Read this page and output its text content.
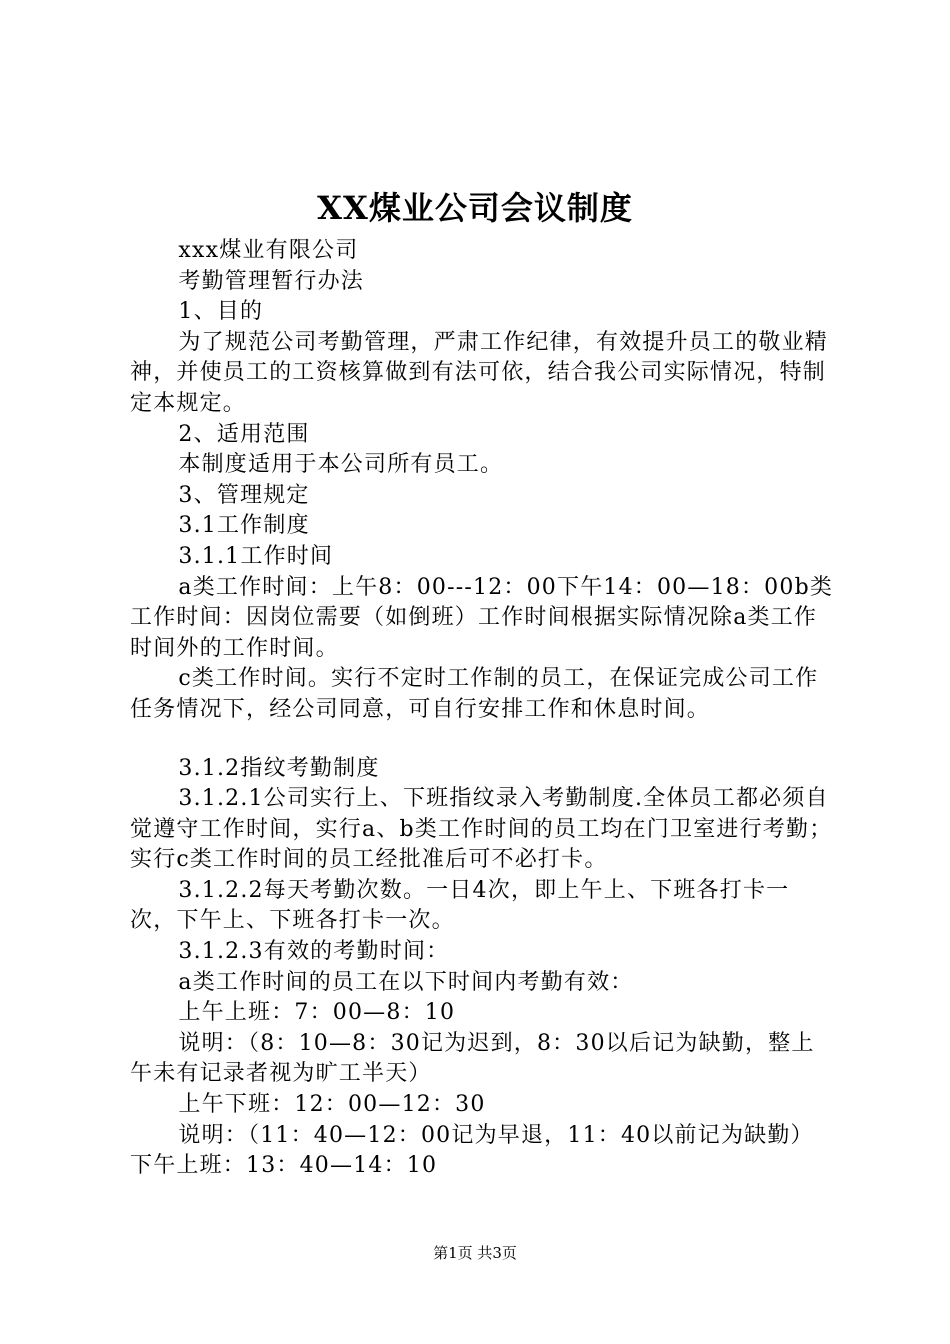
XX煤业公司会议制度

xxx煤业有限公司

考勤管理暂行办法

1、目的

为了规范公司考勤管理，严肃工作纪律，有效提升员工的敬业精神，并使员工的工资核算做到有法可依，结合我公司实际情况，特制定本规定。

2、适用范围

本制度适用于本公司所有员工。

3、管理规定

3.1工作制度

3.1.1工作时间

a类工作时间：上午8：00---12：00下午14：00—18：00b类工作时间：因岗位需要（如倒班）工作时间根据实际情况除a类工作时间外的工作时间。

c类工作时间。实行不定时工作制的员工，在保证完成公司工作任务情况下，经公司同意，可自行安排工作和休息时间。

3.1.2指纹考勤制度

3.1.2.1公司实行上、下班指纹录入考勤制度.全体员工都必须自觉遵守工作时间，实行a、b类工作时间的员工均在门卫室进行考勤；实行c类工作时间的员工经批准后可不必打卡。

3.1.2.2每天考勤次数。一日4次，即上午上、下班各打卡一次，下午上、下班各打卡一次。

3.1.2.3有效的考勤时间：

a类工作时间的员工在以下时间内考勤有效：

上午上班：7：00—8：10

说明：（8：10—8：30记为迟到，8：30以后记为缺勤，整上午未有记录者视为旷工半天）

上午下班：12：00—12：30

说明：（11：40—12：00记为早退，11：40以前记为缺勤）下午上班：13：40—14：10

第1页 共3页
